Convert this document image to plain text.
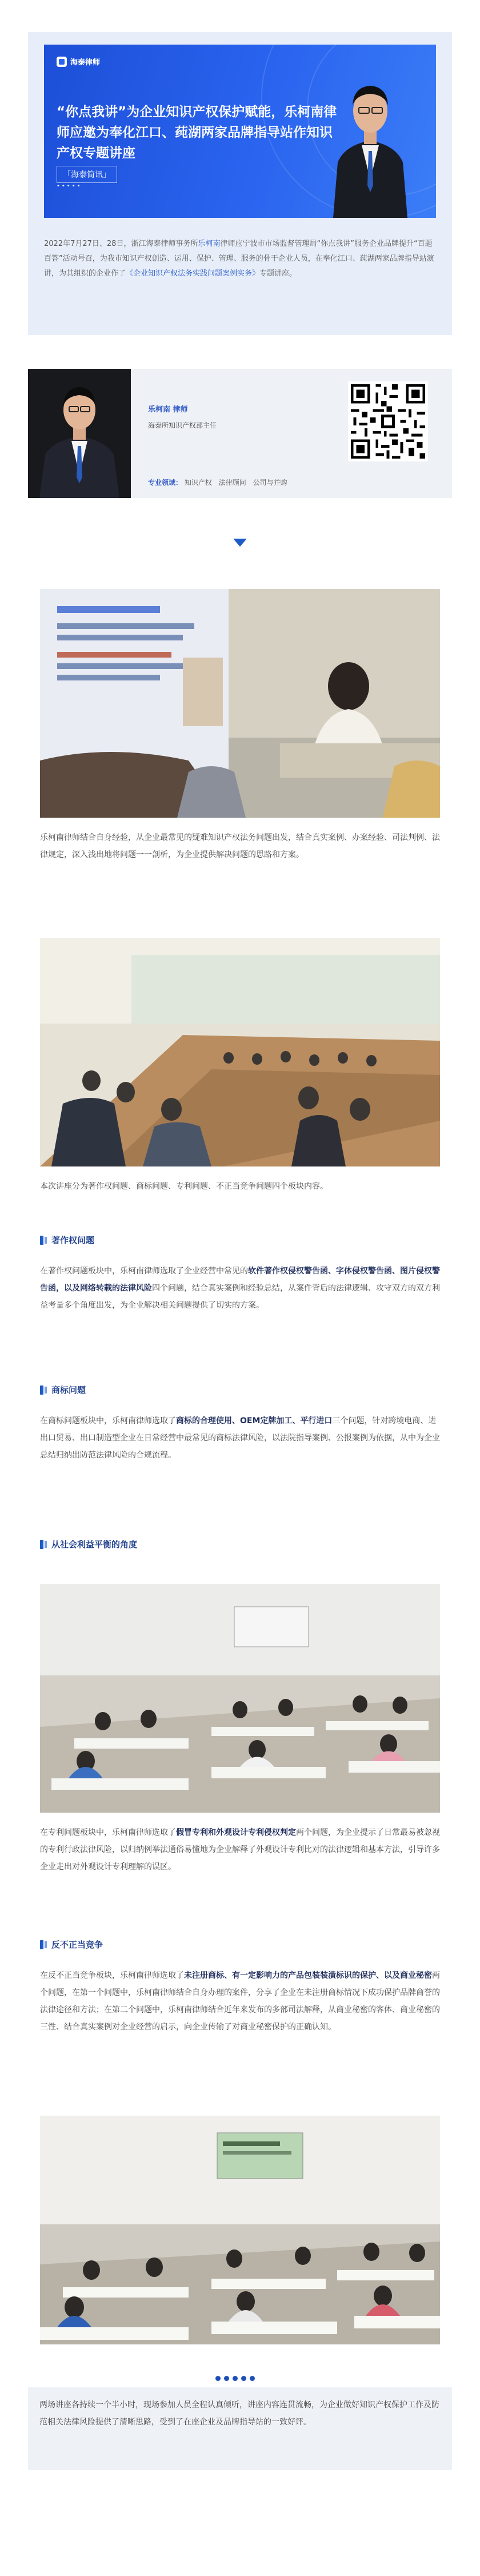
海泰律师
“你点我讲”为企业知识产权保护赋能，乐柯南律师应邀为奉化江口、莼湖两家品牌指导站作知识产权专题讲座
「海泰简讯」
•••••
2022年7月27日、28日，浙江海泰律师事务所乐柯南律师应宁波市市场监督管理局“你点我讲”服务企业品牌提升“百题百答”活动号召，为我市知识产权创造、运用、保护、管理、服务的骨干企业人员，在奉化江口、莼湖两家品牌指导站演讲，为其组织的企业作了《企业知识产权法务实践问题案例实务》专题讲座。
乐柯南 律师
海泰所知识产权部主任
专业领域： 知识产权 法律顾问 公司与并购
乐柯南律师结合自身经验，从企业最常见的疑难知识产权法务问题出发，结合真实案例、办案经验、司法判例、法律规定，深入浅出地将问题一一剖析，为企业提供解决问题的思路和方案。
本次讲座分为著作权问题、商标问题、专利问题、不正当竞争问题四个板块内容。
著作权问题
在著作权问题板块中，乐柯南律师选取了企业经营中常见的软件著作权侵权警告函、字体侵权警告函、图片侵权警告函，以及网络转载的法律风险四个问题，结合真实案例和经验总结，从案件背后的法律逻辑、攻守双方的双方利益考量多个角度出发，为企业解决相关问题提供了切实的方案。
商标问题
在商标问题板块中，乐柯南律师选取了商标的合理使用、OEM定牌加工、平行进口三个问题，针对跨境电商、进出口贸易、出口制造型企业在日常经营中最常见的商标法律风险，以法院指导案例、公报案例为依据，从中为企业总结归纳出防范法律风险的合规流程。
从社会利益平衡的角度
在专利问题板块中，乐柯南律师选取了假冒专利和外观设计专利侵权判定两个问题，为企业提示了日常最易被忽视的专利行政法律风险，以归纳例举法通俗易懂地为企业解释了外观设计专利比对的法律逻辑和基本方法，引导许多企业走出对外观设计专利理解的误区。
反不正当竞争
在反不正当竞争板块，乐柯南律师选取了未注册商标、有一定影响力的产品包装装潢标识的保护、以及商业秘密两个问题，在第一个问题中，乐柯南律师结合自身办理的案件，分享了企业在未注册商标情况下成功保护品牌商誉的法律途径和方法；在第二个问题中，乐柯南律师结合近年来发布的多部司法解释，从商业秘密的客体、商业秘密的三性、结合真实案例对企业经营的启示，向企业传输了对商业秘密保护的正确认知。

两场讲座各持续一个半小时，现场参加人员全程认真倾听，讲座内容连贯流畅，为企业做好知识产权保护工作及防范相关法律风险提供了清晰思路，受到了在座企业及品牌指导站的一致好评。
